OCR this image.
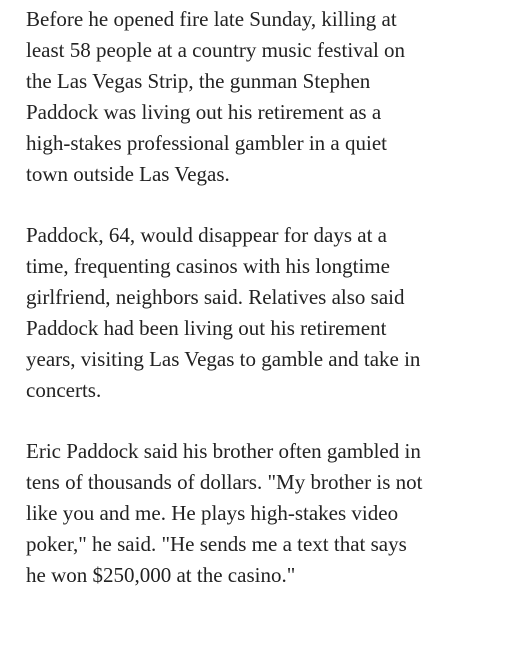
Before he opened fire late Sunday, killing at
least 58 people at a country music festival on
the Las Vegas Strip, the gunman Stephen
Paddock was living out his retirement as a
high-stakes professional gambler in a quiet
town outside Las Vegas.

Paddock, 64, would disappear for days at a
time, frequenting casinos with his longtime
girlfriend, neighbors said. Relatives also said
Paddock had been living out his retirement
years, visiting Las Vegas to gamble and take in
concerts.

Eric Paddock said his brother often gambled in
tens of thousands of dollars. "My brother is not
like you and me. He plays high-stakes video
poker," he said. "He sends me a text that says
he won $250,000 at the casino."
